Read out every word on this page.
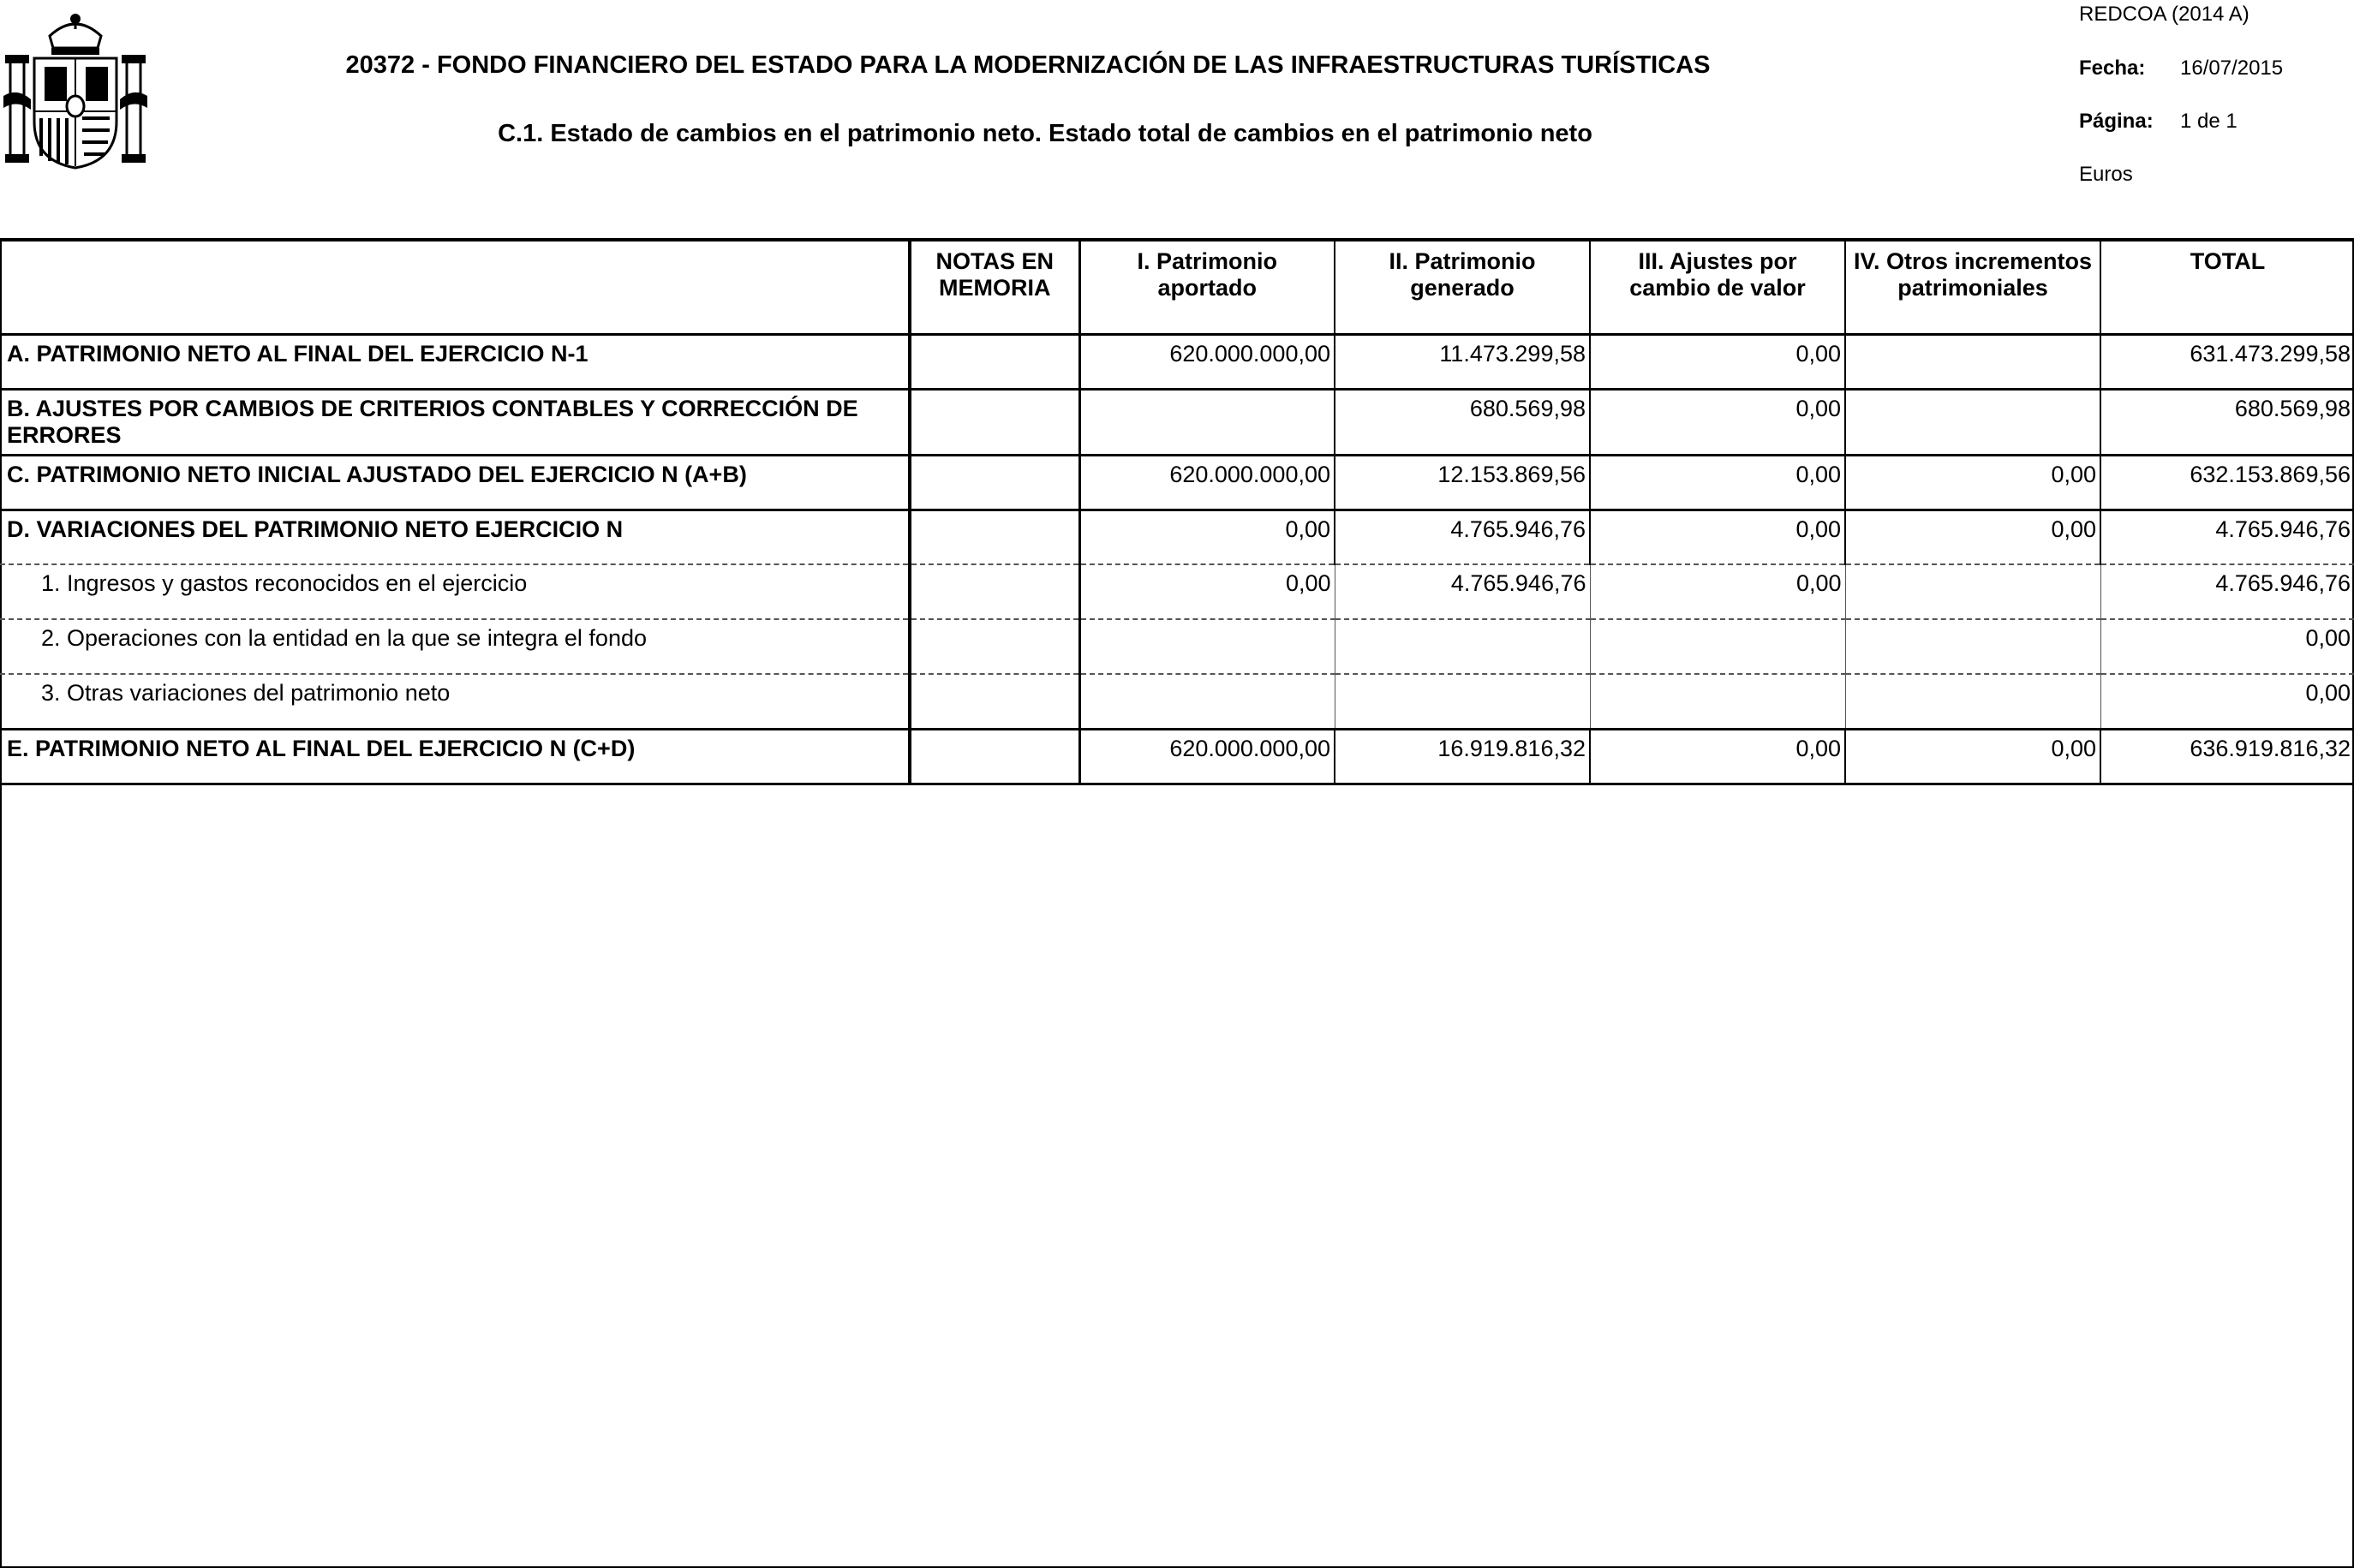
20372 - FONDO FINANCIERO DEL ESTADO PARA LA MODERNIZACIÓN DE LAS INFRAESTRUCTURAS TURÍSTICAS
C.1. Estado de cambios en el patrimonio neto. Estado total de cambios en el patrimonio neto
REDCOA (2014 A)
Fecha: 16/07/2015
Página: 1 de 1
Euros
	NOTAS EN MEMORIA	I. Patrimonio aportado	II. Patrimonio generado	III. Ajustes por cambio de valor	IV. Otros incrementos patrimoniales	TOTAL
A. PATRIMONIO NETO AL FINAL DEL EJERCICIO N-1		620.000.000,00	11.473.299,58	0,00		631.473.299,58
B. AJUSTES POR CAMBIOS DE CRITERIOS CONTABLES Y CORRECCIÓN DE ERRORES			680.569,98	0,00		680.569,98
C. PATRIMONIO NETO INICIAL AJUSTADO DEL EJERCICIO N (A+B)		620.000.000,00	12.153.869,56	0,00	0,00	632.153.869,56
D. VARIACIONES DEL PATRIMONIO NETO EJERCICIO N		0,00	4.765.946,76	0,00	0,00	4.765.946,76
1. Ingresos y gastos reconocidos en el ejercicio		0,00	4.765.946,76	0,00		4.765.946,76
2. Operaciones con la entidad en la que se integra el fondo						0,00
3. Otras variaciones del patrimonio neto						0,00
E. PATRIMONIO NETO AL FINAL DEL EJERCICIO N (C+D)		620.000.000,00	16.919.816,32	0,00	0,00	636.919.816,32
